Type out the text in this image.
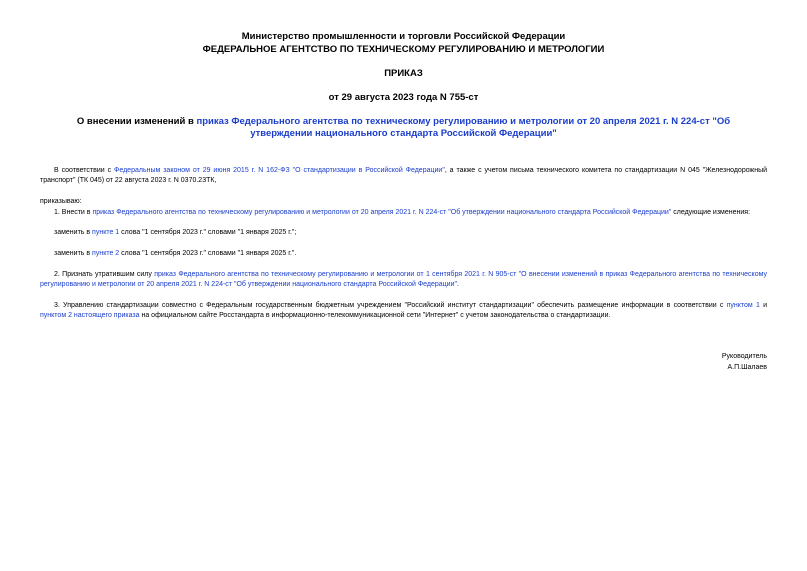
Министерство промышленности и торговли Российской Федерации
ФЕДЕРАЛЬНОЕ АГЕНТСТВО ПО ТЕХНИЧЕСКОМУ РЕГУЛИРОВАНИЮ И МЕТРОЛОГИИ
ПРИКАЗ
от 29 августа 2023 года N 755-ст
О внесении изменений в приказ Федерального агентства по техническому регулированию и метрологии от 20 апреля 2021 г. N 224-ст "Об утверждении национального стандарта Российской Федерации"
В соответствии с Федеральным законом от 29 июня 2015 г. N 162-ФЗ "О стандартизации в Российской Федерации", а также с учетом письма технического комитета по стандартизации N 045 "Железнодорожный транспорт" (ТК 045) от 22 августа 2023 г. N 0370.23ТК,
приказываю:
1. Внести в приказ Федерального агентства по техническому регулированию и метрологии от 20 апреля 2021 г. N 224-ст "Об утверждении национального стандарта Российской Федерации" следующие изменения:
заменить в пункте 1 слова "1 сентября 2023 г." словами "1 января 2025 г.";
заменить в пункте 2 слова "1 сентября 2023 г." словами "1 января 2025 г.".
2. Признать утратившим силу приказ Федерального агентства по техническому регулированию и метрологии от 1 сентября 2021 г. N 905-ст "О внесении изменений в приказ Федерального агентства по техническому регулированию и метрологии от 20 апреля 2021 г. N 224-ст "Об утверждении национального стандарта Российской Федерации".
3. Управлению стандартизации совместно с Федеральным государственным бюджетным учреждением "Российский институт стандартизации" обеспечить размещение информации в соответствии с пунктом 1 и пунктом 2 настоящего приказа на официальном сайте Росстандарта в информационно-телекоммуникационной сети "Интернет" с учетом законодательства о стандартизации.
Руководитель
А.П.Шалаев
